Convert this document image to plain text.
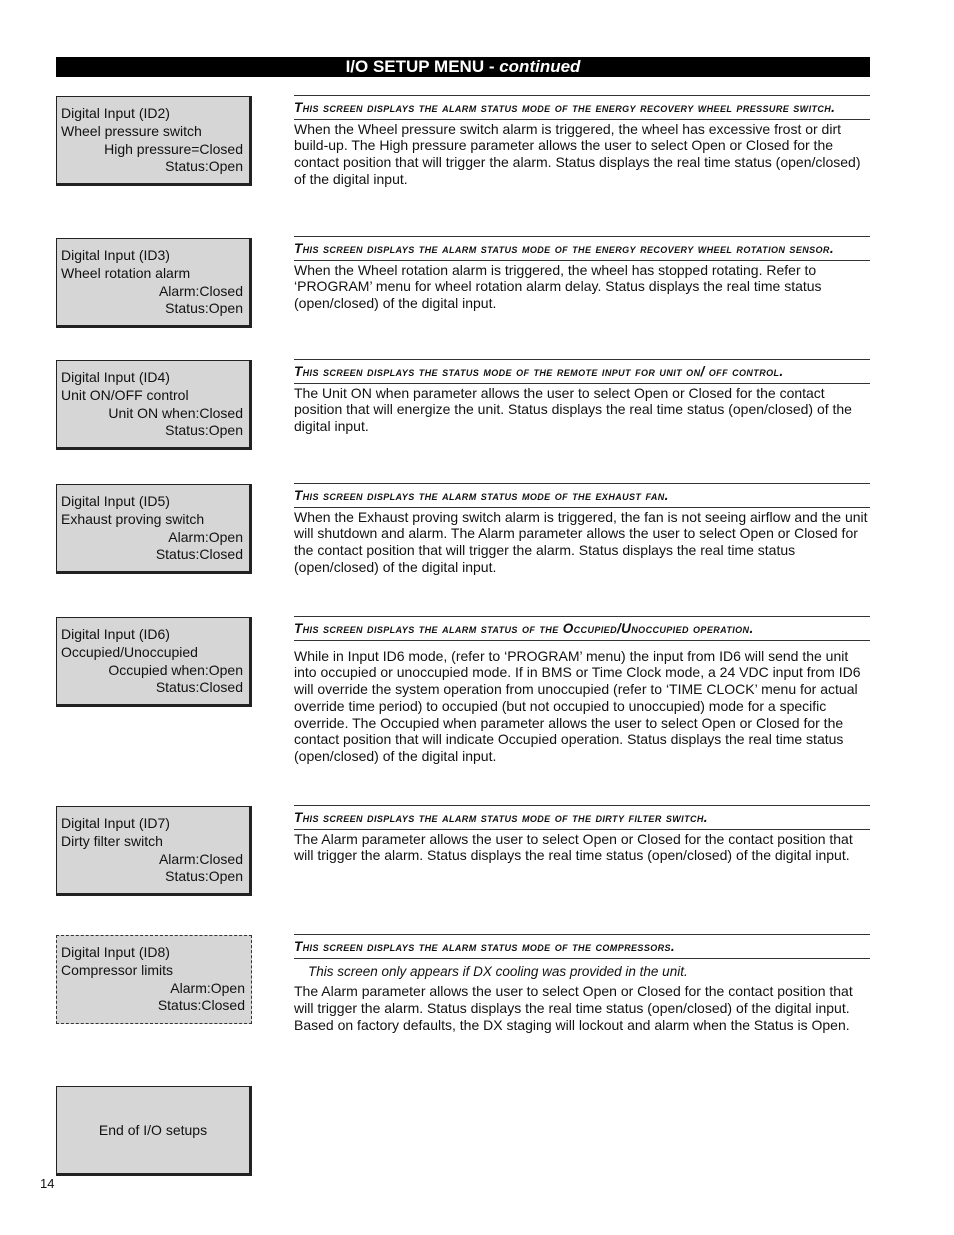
I/O SETUP MENU - continued
Digital Input (ID2)
Wheel pressure switch
High pressure=Closed
Status:Open
This screen displays the alarm status mode of the energy recovery wheel pressure switch.
When the Wheel pressure switch alarm is triggered, the wheel has excessive frost or dirt build-up. The High pressure parameter allows the user to select Open or Closed for the contact position that will trigger the alarm. Status displays the real time status (open/closed) of the digital input.
Digital Input (ID3)
Wheel rotation alarm
Alarm:Closed
Status:Open
This screen displays the alarm status mode of the energy recovery wheel rotation sensor.
When the Wheel rotation alarm is triggered, the wheel has stopped rotating. Refer to ‘PROGRAM’ menu for wheel rotation alarm delay. Status displays the real time status (open/closed) of the digital input.
Digital Input (ID4)
Unit ON/OFF control
Unit ON when:Closed
Status:Open
This screen displays the status mode of the remote input for unit on/ off control.
The Unit ON when parameter allows the user to select Open or Closed for the contact position that will energize the unit. Status displays the real time status (open/closed) of the digital input.
Digital Input (ID5)
Exhaust proving switch
Alarm:Open
Status:Closed
This screen displays the alarm status mode of the exhaust fan.
When the Exhaust proving switch alarm is triggered, the fan is not seeing airflow and the unit will shutdown and alarm. The Alarm parameter allows the user to select Open or Closed for the contact position that will trigger the alarm. Status displays the real time status (open/closed) of the digital input.
Digital Input (ID6)
Occupied/Unoccupied
Occupied when:Open
Status:Closed
This screen displays the alarm status of the Occupied/Unoccupied operation.
While in Input ID6 mode, (refer to ‘PROGRAM’ menu) the input from ID6 will send the unit into occupied or unoccupied mode. If in BMS or Time Clock mode, a 24 VDC input from ID6 will override the system operation from unoccupied (refer to ‘TIME CLOCK’ menu for actual override time period) to occupied (but not occupied to unoccupied) mode for a specific override. The Occupied when parameter allows the user to select Open or Closed for the contact position that will indicate Occupied operation. Status displays the real time status (open/closed) of the digital input.
Digital Input (ID7)
Dirty filter switch
Alarm:Closed
Status:Open
This screen displays the alarm status mode of the dirty filter switch.
The Alarm parameter allows the user to select Open or Closed for the contact position that will trigger the alarm. Status displays the real time status (open/closed) of the digital input.
Digital Input (ID8)
Compressor limits
Alarm:Open
Status:Closed
This screen displays the alarm status mode of the compressors.
This screen only appears if DX cooling was provided in the unit.
The Alarm parameter allows the user to select Open or Closed for the contact position that will trigger the alarm. Status displays the real time status (open/closed) of the digital input. Based on factory defaults, the DX staging will lockout and alarm when the Status is Open.
End of I/O setups
14
